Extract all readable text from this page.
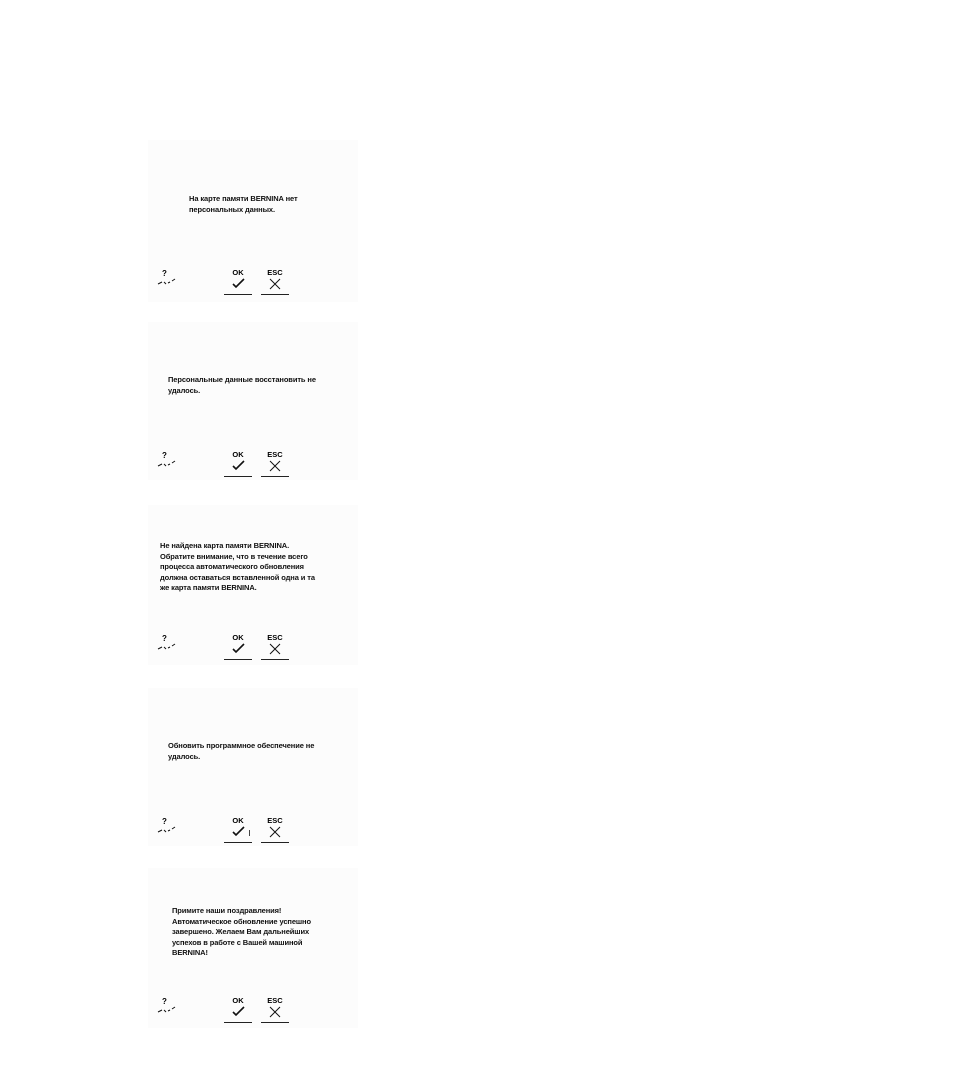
На карте памяти BERNINA нет
персональных данных.
?	OK	ESC
Персональные данные восстановить не
удалось.
?	OK	ESC
Не найдена карта памяти BERNINA.
Обратите внимание, что в течение всего
процесса автоматического обновления
должна оставаться вставленной одна и та
же карта памяти BERNINA.
?	OK	ESC
Обновить программное обеспечение не
удалось.
?	OK	ESC
Примите наши поздравления!
Автоматическое обновление успешно
завершено. Желаем Вам дальнейших
успехов в работе с Вашей машиной
BERNINA!
?	OK	ESC
